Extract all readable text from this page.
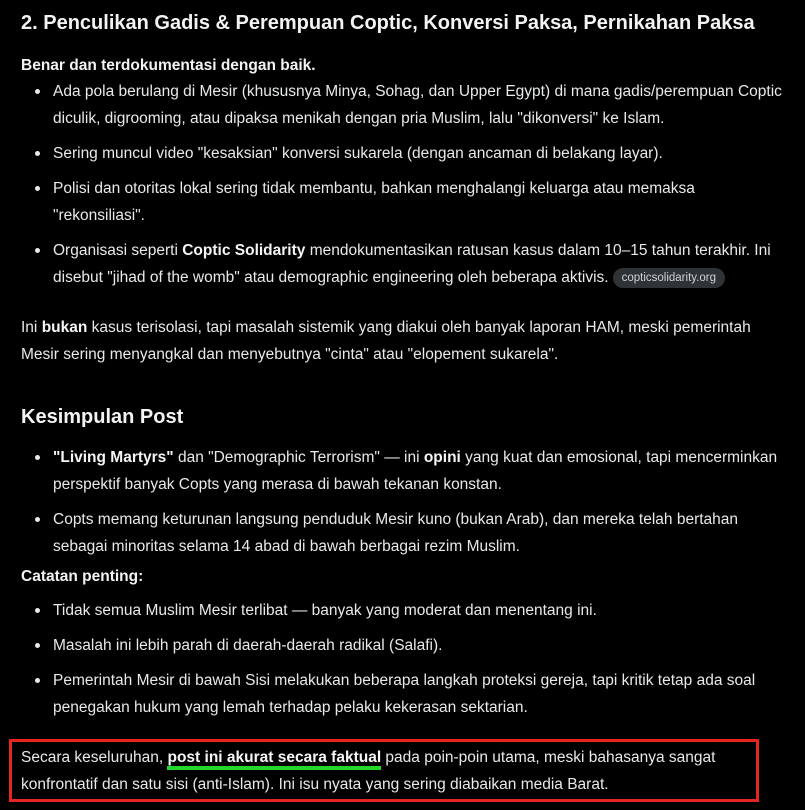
2. Penculikan Gadis & Perempuan Coptic, Konversi Paksa, Pernikahan Paksa

Benar dan terdokumentasi dengan baik.

Ada pola berulang di Mesir (khususnya Minya, Sohag, dan Upper Egypt) di mana gadis/perempuan Coptic diculik, digrooming, atau dipaksa menikah dengan pria Muslim, lalu "dikonversi" ke Islam.
Sering muncul video "kesaksian" konversi sukarela (dengan ancaman di belakang layar).
Polisi dan otoritas lokal sering tidak membantu, bahkan menghalangi keluarga atau memaksa "rekonsiliasi".
Organisasi seperti Coptic Solidarity mendokumentasikan ratusan kasus dalam 10–15 tahun terakhir. Ini disebut "jihad of the womb" atau demographic engineering oleh beberapa aktivis. copticsolidarity.org

Ini bukan kasus terisolasi, tapi masalah sistemik yang diakui oleh banyak laporan HAM, meski pemerintah Mesir sering menyangkal dan menyebutnya "cinta" atau "elopement sukarela".

Kesimpulan Post
"Living Martyrs" dan "Demographic Terrorism" — ini opini yang kuat dan emosional, tapi mencerminkan perspektif banyak Copts yang merasa di bawah tekanan konstan.
Copts memang keturunan langsung penduduk Mesir kuno (bukan Arab), dan mereka telah bertahan sebagai minoritas selama 14 abad di bawah berbagai rezim Muslim.

Catatan penting:

Tidak semua Muslim Mesir terlibat — banyak yang moderat dan menentang ini.
Masalah ini lebih parah di daerah-daerah radikal (Salafi).
Pemerintah Mesir di bawah Sisi melakukan beberapa langkah proteksi gereja, tapi kritik tetap ada soal penegakan hukum yang lemah terhadap pelaku kekerasan sektarian.

Secara keseluruhan, post ini akurat secara faktual pada poin-poin utama, meski bahasanya sangat konfrontatif dan satu sisi (anti-Islam). Ini isu nyata yang sering diabaikan media Barat.
